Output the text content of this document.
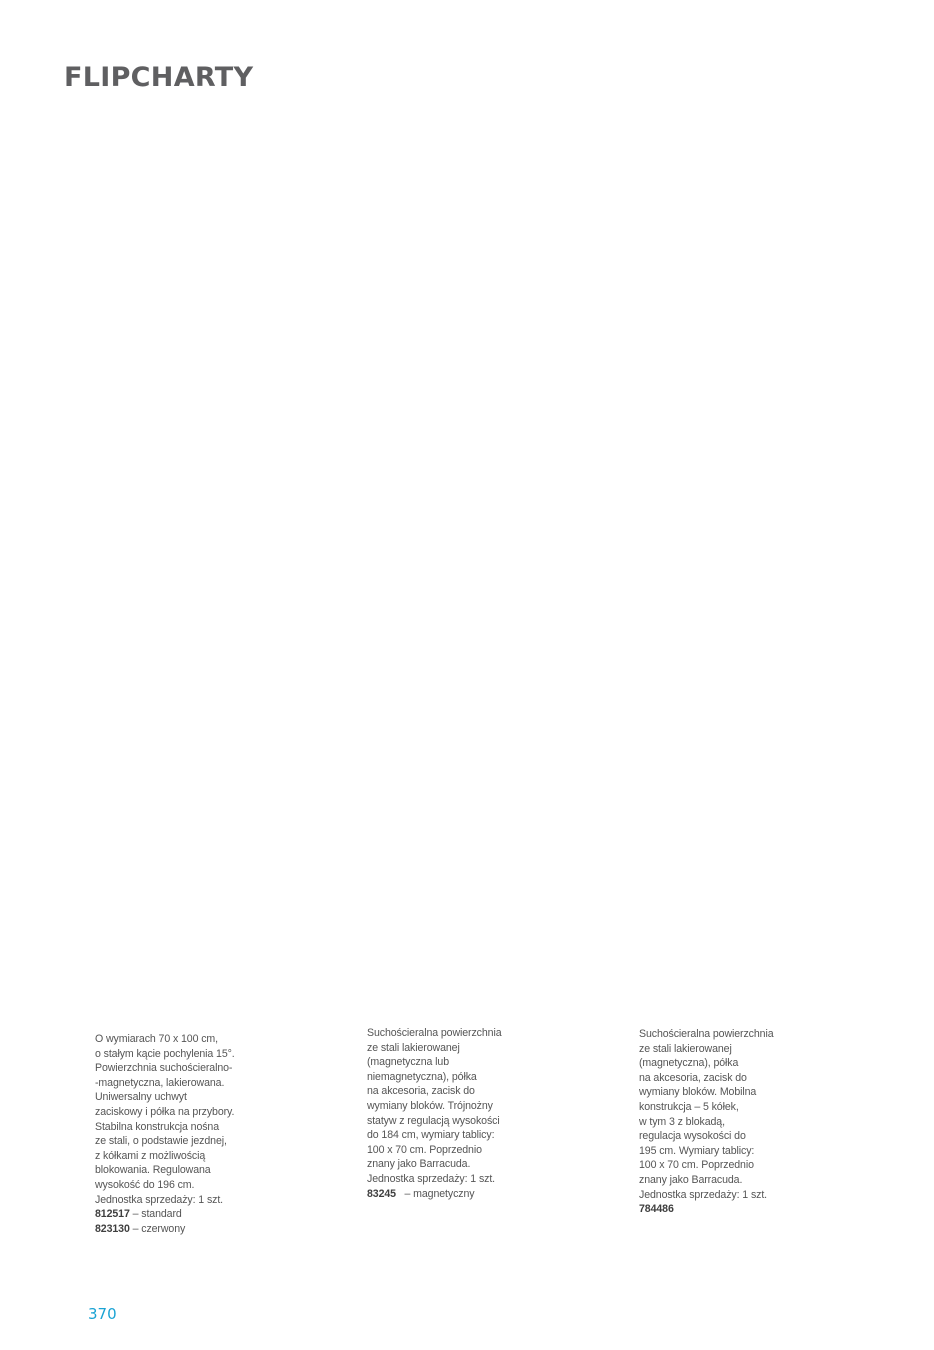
FLIPCHARTY
O wymiarach 70 x 100 cm,
o stałym kącie pochylenia 15°.
Powierzchnia suchościeralno-
-magnetyczna, lakierowana.
Uniwersalny uchwyt
zaciskowy i półka na przybory.
Stabilna konstrukcja nośna
ze stali, o podstawie jezdnej,
z kółkami z możliwością
blokowania. Regulowana
wysokość do 196 cm.
Jednostka sprzedaży: 1 szt.
812517 – standard
823130 – czerwony
Suchościeralna powierzchnia
ze stali lakierowanej
(magnetyczna lub
niemagnetyczna), półka
na akcesoria, zacisk do
wymiany bloków. Trójnożny
statyw z regulacją wysokości
do 184 cm, wymiary tablicy:
100 x 70 cm. Poprzednio
znany jako Barracuda.
Jednostka sprzedaży: 1 szt.
83245   – magnetyczny
Suchościeralna powierzchnia
ze stali lakierowanej
(magnetyczna), półka
na akcesoria, zacisk do
wymiany bloków. Mobilna
konstrukcja – 5 kółek,
w tym 3 z blokadą,
regulacja wysokości do
195 cm. Wymiary tablicy:
100 x 70 cm. Poprzednio
znany jako Barracuda.
Jednostka sprzedaży: 1 szt.
784486
370
